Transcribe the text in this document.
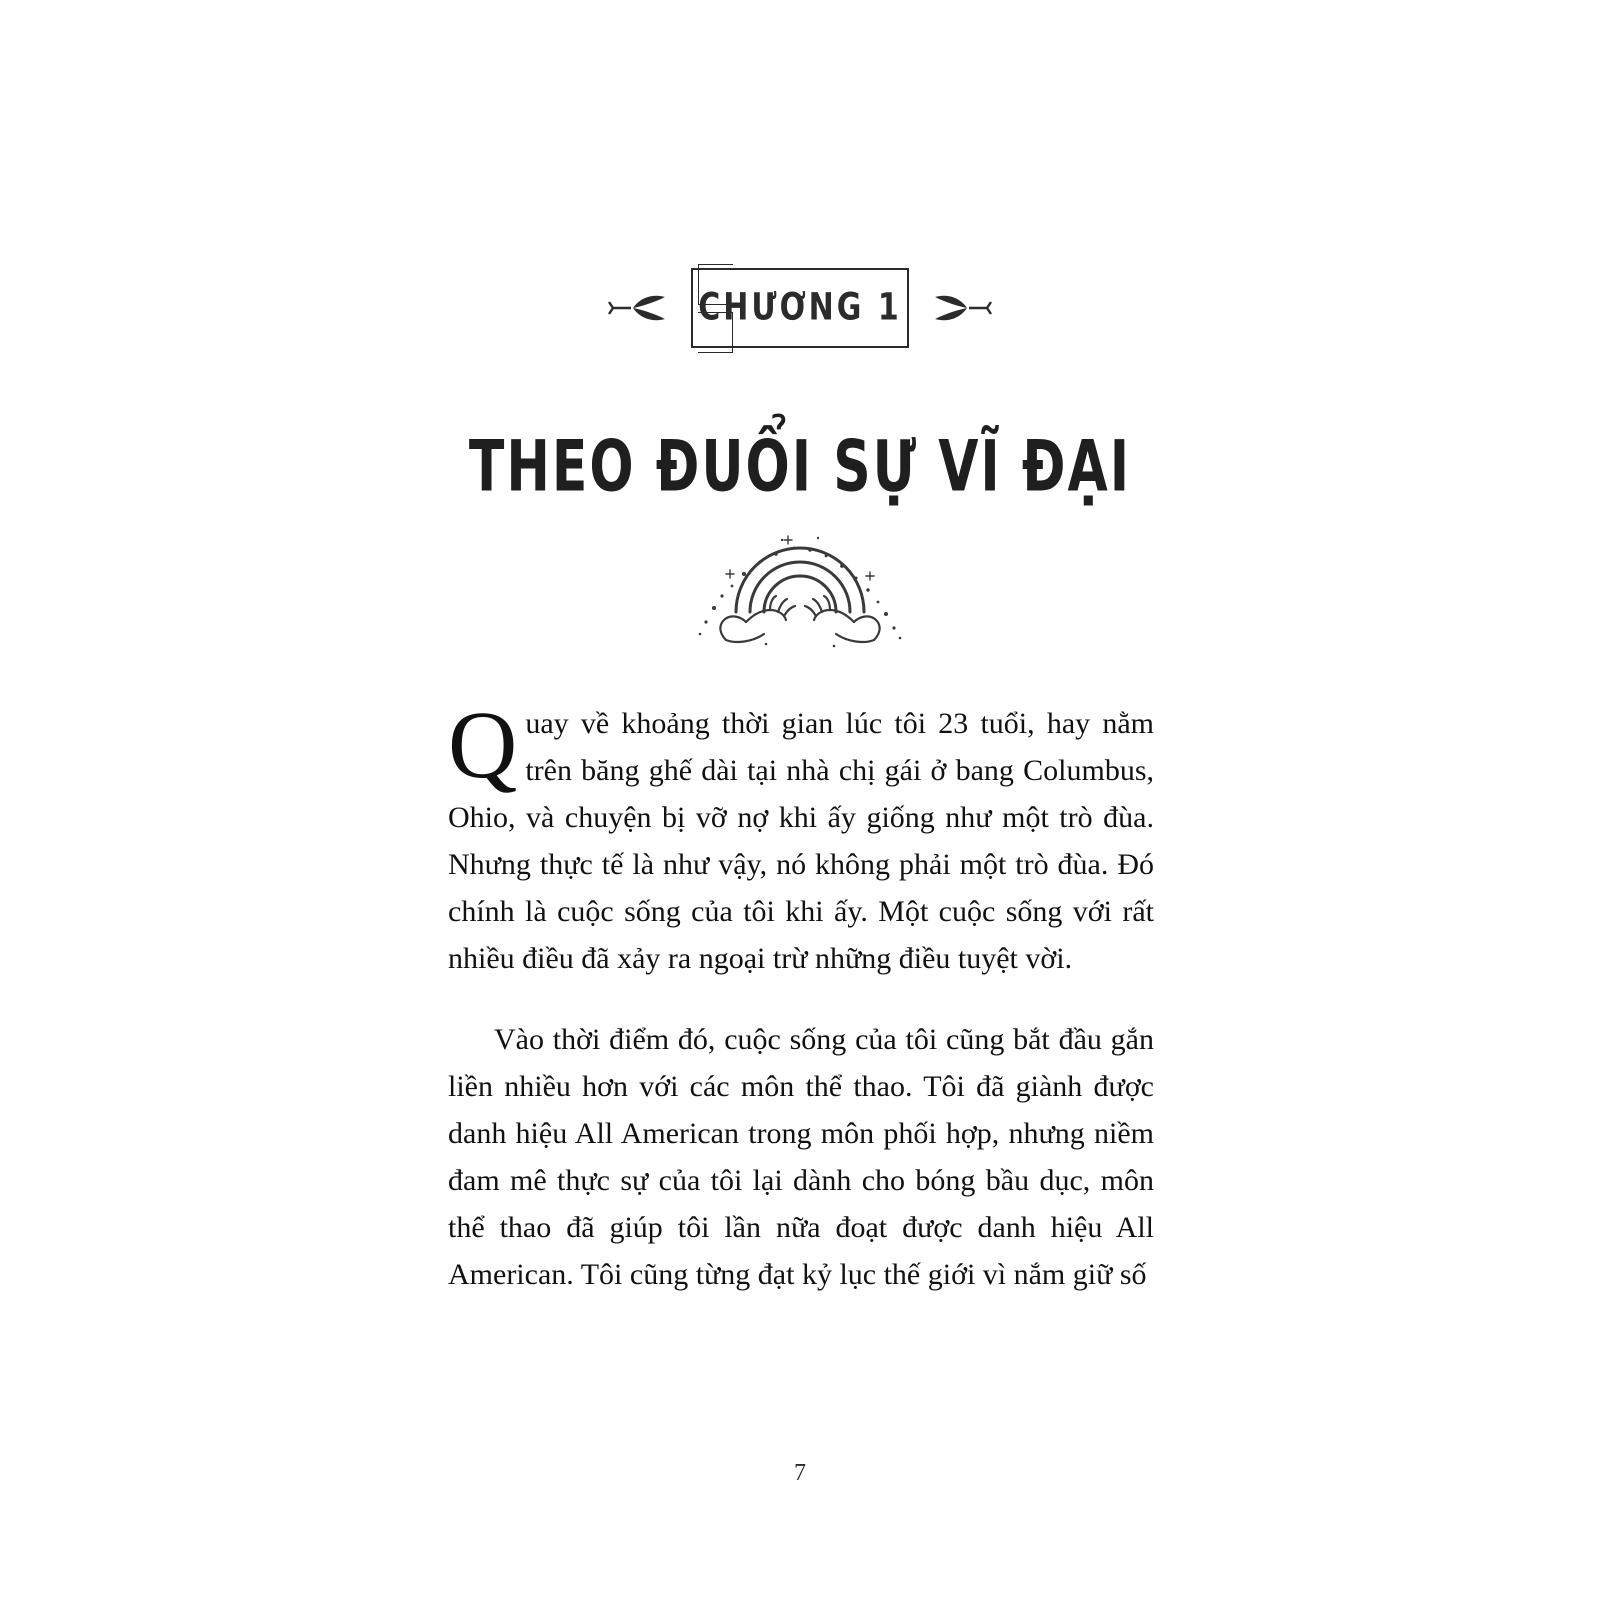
CHƯƠNG 1
THEO ĐUỔI SỰ VĨ ĐẠI

Quay về khoảng thời gian lúc tôi 23 tuổi, hay nằm trên băng ghế dài tại nhà chị gái ở bang Columbus, Ohio, và chuyện bị vỡ nợ khi ấy giống như một trò đùa. Nhưng thực tế là như vậy, nó không phải một trò đùa. Đó chính là cuộc sống của tôi khi ấy. Một cuộc sống với rất nhiều điều đã xảy ra ngoại trừ những điều tuyệt vời.

Vào thời điểm đó, cuộc sống của tôi cũng bắt đầu gắn liền nhiều hơn với các môn thể thao. Tôi đã giành được danh hiệu All American trong môn phối hợp, nhưng niềm đam mê thực sự của tôi lại dành cho bóng bầu dục, môn thể thao đã giúp tôi lần nữa đoạt được danh hiệu All American. Tôi cũng từng đạt kỷ lục thế giới vì nắm giữ số

7
